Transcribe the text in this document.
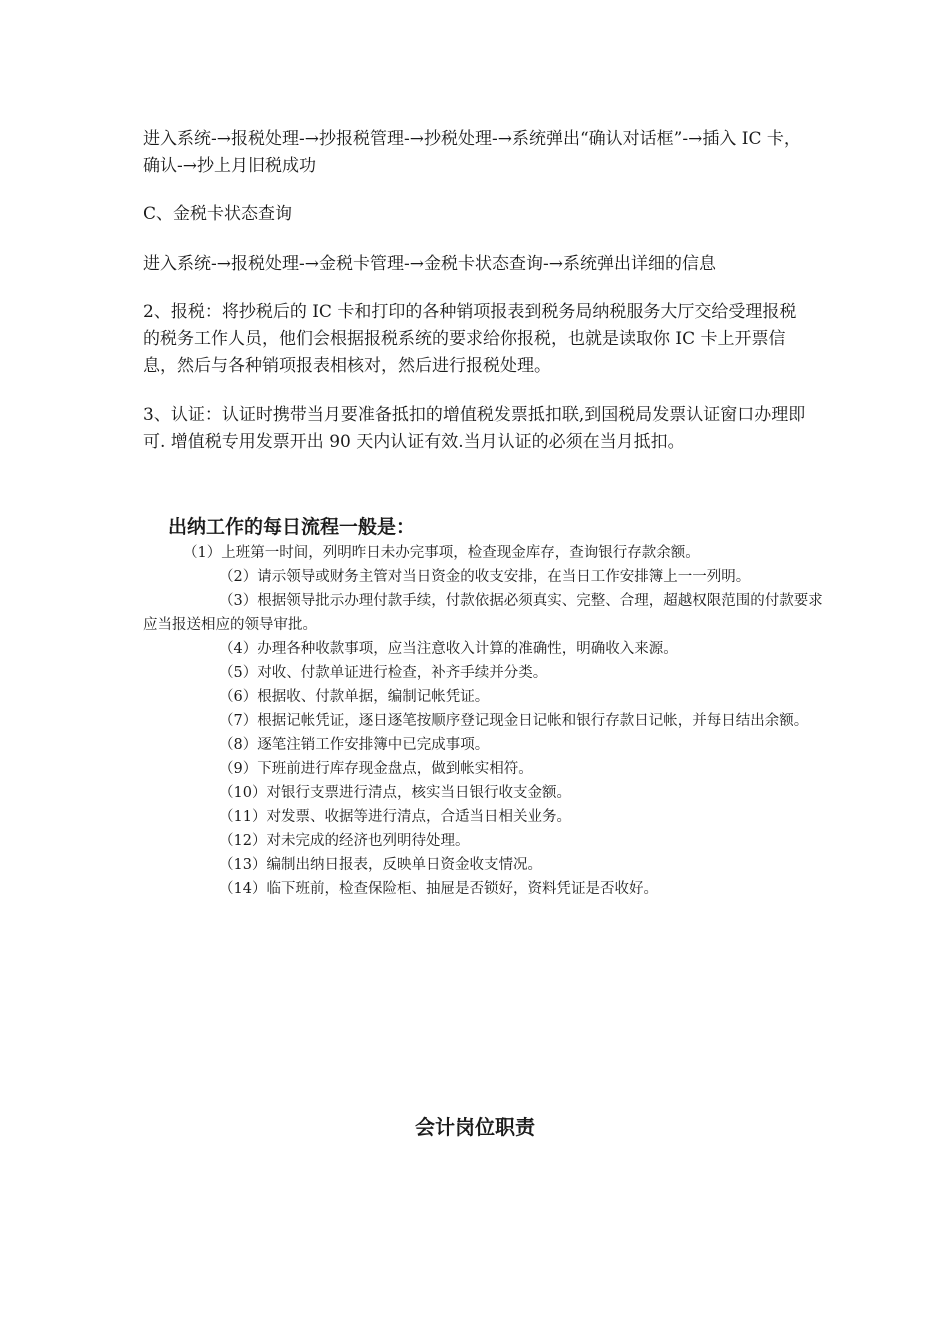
进入系统-→报税处理-→抄报税管理-→抄税处理-→系统弹出“确认对话框”-→插入 IC 卡，确认-→抄上月旧税成功

C、金税卡状态查询

进入系统-→报税处理-→金税卡管理-→金税卡状态查询-→系统弹出详细的信息

2、报税：将抄税后的 IC 卡和打印的各种销项报表到税务局纳税服务大厅交给受理报税的税务工作人员，他们会根据报税系统的要求给你报税，也就是读取你 IC 卡上开票信息，然后与各种销项报表相核对，然后进行报税处理。

3、认证：认证时携带当月要准备抵扣的增值税发票抵扣联,到国税局发票认证窗口办理即可. 增值税专用发票开出 90 天内认证有效.当月认证的必须在当月抵扣。

出纳工作的每日流程一般是：

（1）上班第一时间，列明昨日未办完事项，检查现金库存，查询银行存款余额。

（2）请示领导或财务主管对当日资金的收支安排，在当日工作安排簿上一一列明。

（3）根据领导批示办理付款手续，付款依据必须真实、完整、合理，超越权限范围的付款要求应当报送相应的领导审批。

（4）办理各种收款事项，应当注意收入计算的准确性，明确收入来源。

（5）对收、付款单证进行检查，补齐手续并分类。

（6）根据收、付款单据，编制记帐凭证。

（7）根据记帐凭证，逐日逐笔按顺序登记现金日记帐和银行存款日记帐，并每日结出余额。

（8）逐笔注销工作安排簿中已完成事项。

（9）下班前进行库存现金盘点，做到帐实相符。

（10）对银行支票进行清点，核实当日银行收支金额。

（11）对发票、收据等进行清点，合适当日相关业务。

（12）对未完成的经济也列明待处理。

（13）编制出纳日报表，反映单日资金收支情况。

（14）临下班前，检查保险柜、抽屉是否锁好，资料凭证是否收好。

会计岗位职责
